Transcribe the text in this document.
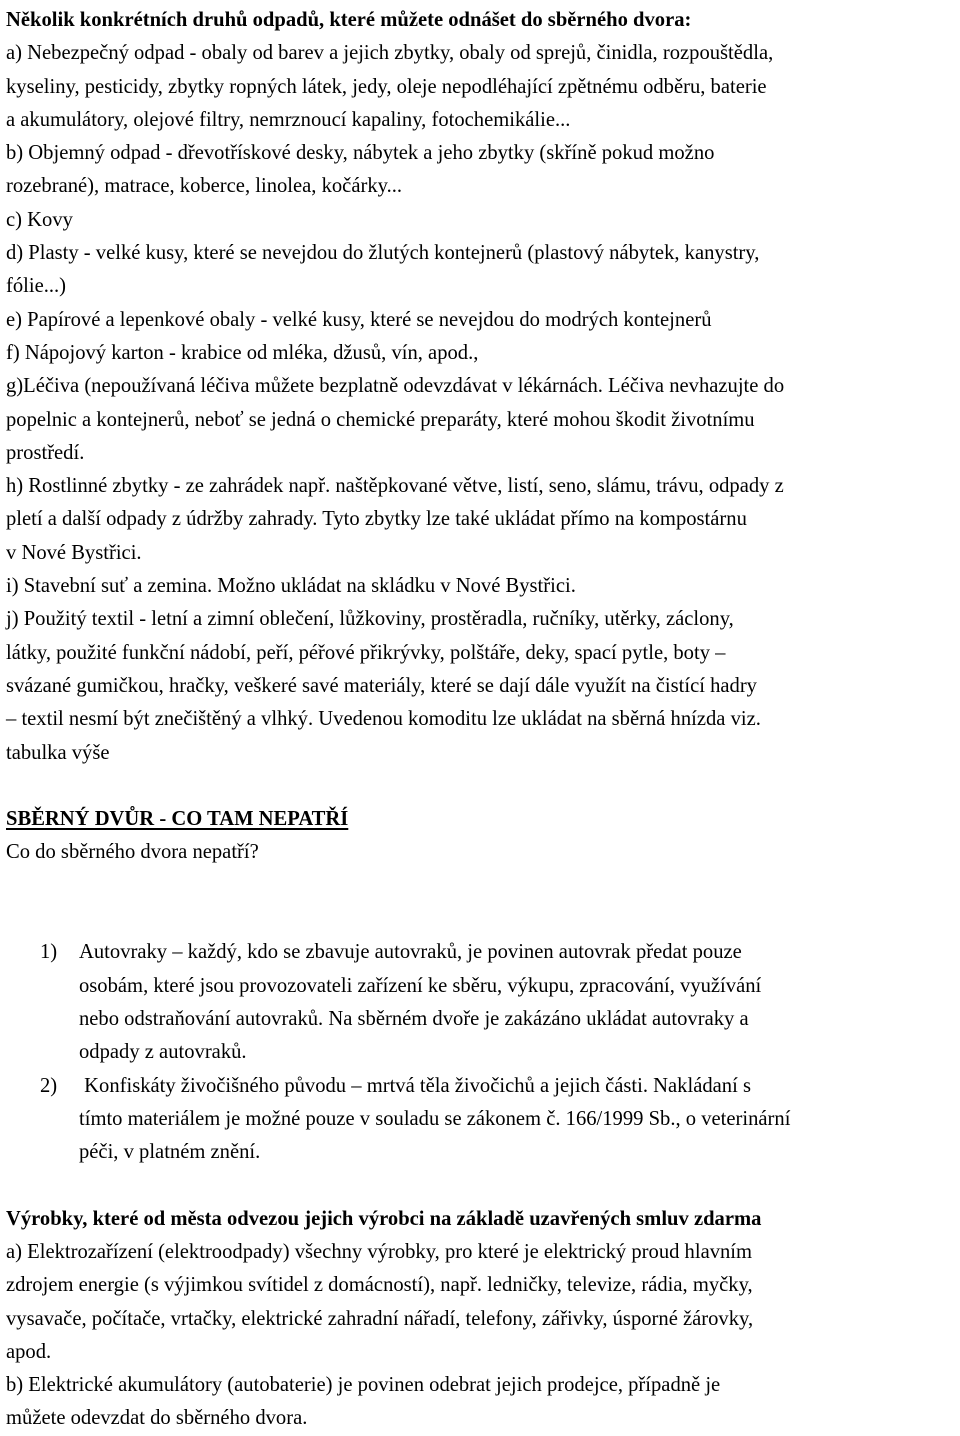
Několik konkrétních druhů odpadů, které můžete odnášet do sběrného dvora:
a) Nebezpečný odpad - obaly od barev a jejich zbytky, obaly od sprejů, činidla, rozpouštědla,
kyseliny, pesticidy, zbytky ropných látek, jedy, oleje nepodléhající zpětnému odběru, baterie
a akumulátory, olejové filtry, nemrznoucí kapaliny, fotochemikálie...
b) Objemný odpad - dřevotřískové desky, nábytek a jeho zbytky (skříně pokud možno
rozebrané), matrace, koberce, linolea, kočárky...
c) Kovy
d) Plasty - velké kusy, které se nevejdou do žlutých kontejnerů (plastový nábytek, kanystry,
fólie...)
e) Papírové a lepenkové obaly - velké kusy, které se nevejdou do modrých kontejnerů
f) Nápojový karton - krabice od mléka, džusů, vín, apod.,
g)Léčiva (nepoužívaná léčiva můžete bezplatně odevzdávat v lékárnách. Léčiva nevhazujte do
popelnic a kontejnerů, neboť se jedná o chemické preparáty, které mohou škodit životnímu
prostředí.
h) Rostlinné zbytky - ze zahrádek např. naštěpkované větve, listí, seno, slámu, trávu, odpady z
pletí a další odpady z údržby zahrady. Tyto zbytky lze také ukládat přímo na kompostárnu
v Nové Bystřici.
i) Stavební suť a zemina. Možno ukládat na skládku v Nové Bystřici.
j) Použitý textil - letní a zimní oblečení, lůžkoviny, prostěradla, ručníky, utěrky, záclony,
látky, použité funkční nádobí, peří, péřové přikrývky, polštáře, deky, spací pytle, boty –
svázané gumičkou, hračky, veškeré savé materiály, které se dají dále využít na čistící hadry
– textil nesmí být znečištěný a vlhký. Uvedenou komoditu lze ukládat na sběrná hnízda viz.
tabulka výše
SBĚRNÝ DVŮR - CO TAM NEPATŘÍ
Co do sběrného dvora nepatří?
1) Autovraky – každý, kdo se zbavuje autovraků, je povinen autovrak předat pouze
osobám, které jsou provozovateli zařízení ke sběru, výkupu, zpracování, využívání
nebo odstraňování autovraků. Na sběrném dvoře je zakázáno ukládat autovraky a
odpady z autovraků.
2) Konfiskáty živočišného původu – mrtvá těla živočichů a jejich části. Nakládaní s
tímto materiálem je možné pouze v souladu se zákonem č. 166/1999 Sb., o veterinární
péči, v platném znění.
Výrobky, které od města odvezou jejich výrobci na základě uzavřených smluv zdarma
a) Elektrozařízení (elektroodpady) všechny výrobky, pro které je elektrický proud hlavním
zdrojem energie (s výjimkou svítidel z domácností), např. ledničky, televize, rádia, myčky,
vysavače, počítače, vrtačky, elektrické zahradní nářadí, telefony, zářivky, úsporné žárovky,
apod.
b) Elektrické akumulátory (autobaterie) je povinen odebrat jejich prodejce, případně je
můžete odevzdat do sběrného dvora.
